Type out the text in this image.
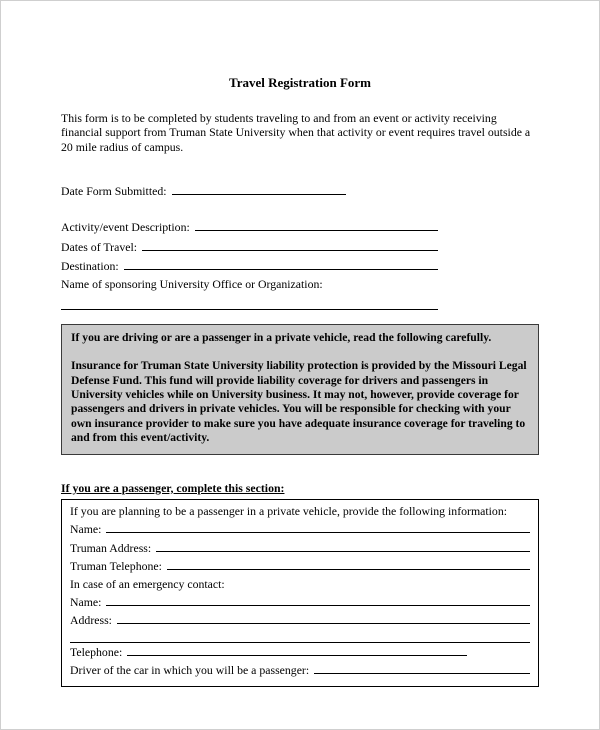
Travel Registration Form

This form is to be completed by students traveling to and from an event or activity receiving financial support from Truman State University when that activity or event requires travel outside a 20 mile radius of campus.

Date Form Submitted:
Activity/event Description:
Dates of Travel:
Destination:
Name of sponsoring University Office or Organization:

If you are driving or are a passenger in a private vehicle, read the following carefully.

Insurance for Truman State University liability protection is provided by the Missouri Legal Defense Fund. This fund will provide liability coverage for drivers and passengers in University vehicles while on University business. It may not, however, provide coverage for passengers and drivers in private vehicles. You will be responsible for checking with your own insurance provider to make sure you have adequate insurance coverage for traveling to and from this event/activity.

If you are a passenger, complete this section:

If you are planning to be a passenger in a private vehicle, provide the following information:

Name:
Truman Address:
Truman Telephone:

In case of an emergency contact:

Name:
Address:
Telephone:
Driver of the car in which you will be a passenger:
